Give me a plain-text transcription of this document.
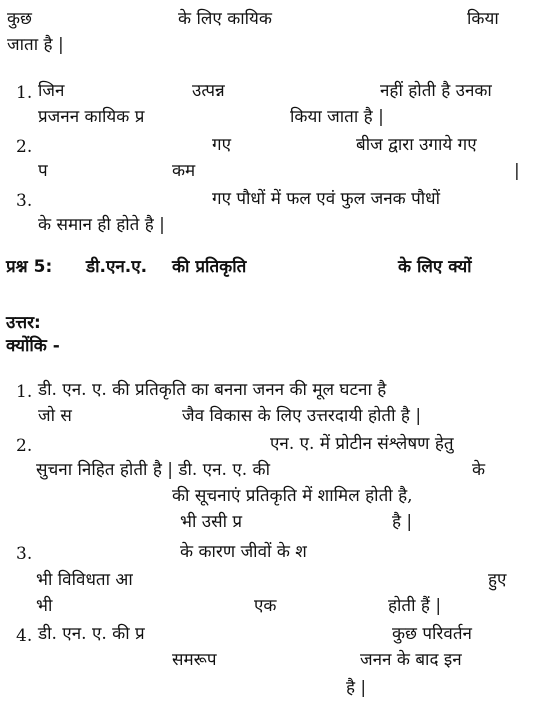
कुछ	के लिए कायिक	किया
जाता है |
1. जिन	उत्पन्न	नहीं होती है उनका
प्रजनन कायिक प्र	किया जाता है |
2.	गए	बीज द्वारा उगाये गए
प	कम	|
3.	गए पौधों में फल एवं फुल जनक पौधों
के समान ही होते है |
प्रश्न 5: डी.एन.ए. की प्रतिकृति	के लिए क्यों
उत्तर:
क्योंकि -
1. डी. एन. ए. की प्रतिकृति का बनना जनन की मूल घटना है
जो स	जैव विकास के लिए उत्तरदायी होती है |
2.	एन. ए. में प्रोटीन संश्लेषण हेतु
सुचना निहित होती है | डी. एन. ए. की	के
की सूचनाएं प्रतिकृति में शामिल होती है,
भी उसी प्र	है |
3.	के कारण जीवों के श
भी विविधता आ	हुए
भी	एक	होती हैं |
4. डी. एन. ए. की प्र	कुछ परिवर्तन
समरूप	जनन के बाद इन
है |
